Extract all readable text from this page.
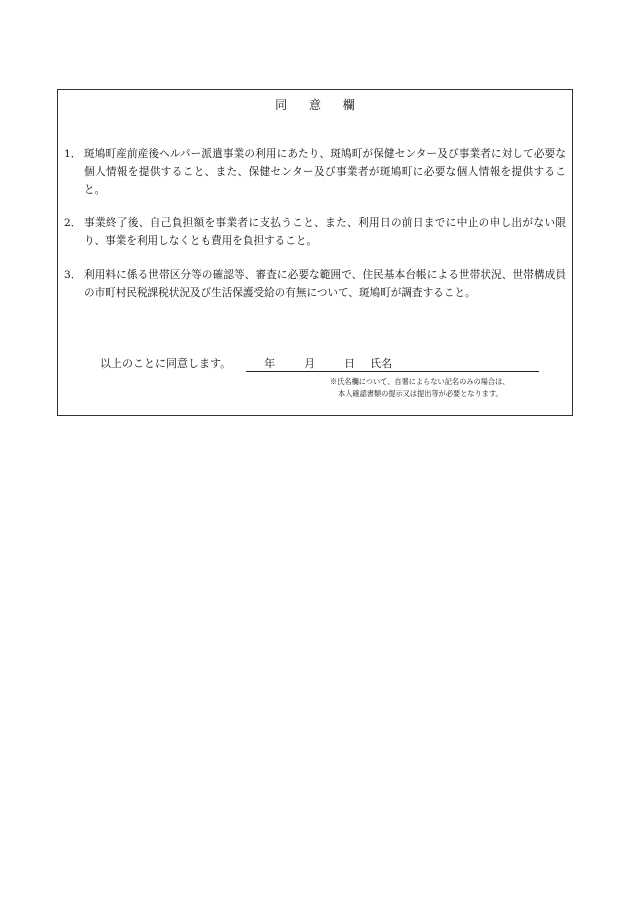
同 意 欄
1． 斑鳩町産前産後ヘルパー派遣事業の利用にあたり、斑鳩町が保健センター及び事業者に対して必要な個人情報を提供すること、また、保健センター及び事業者が斑鳩町に必要な個人情報を提供すること。
2． 事業終了後、自己負担額を事業者に支払うこと、また、利用日の前日までに中止の申し出がない限り、事業を利用しなくとも費用を負担すること。
3． 利用料に係る世帯区分等の確認等、審査に必要な範囲で、住民基本台帳による世帯状況、世帯構成員の市町村民税課税状況及び生活保護受給の有無について、斑鳩町が調査すること。
以上のことに同意します。	年	月	日 氏名
※氏名欄について、自署によらない記名のみの場合は、
本人確認書類の提示又は提出等が必要となります。
